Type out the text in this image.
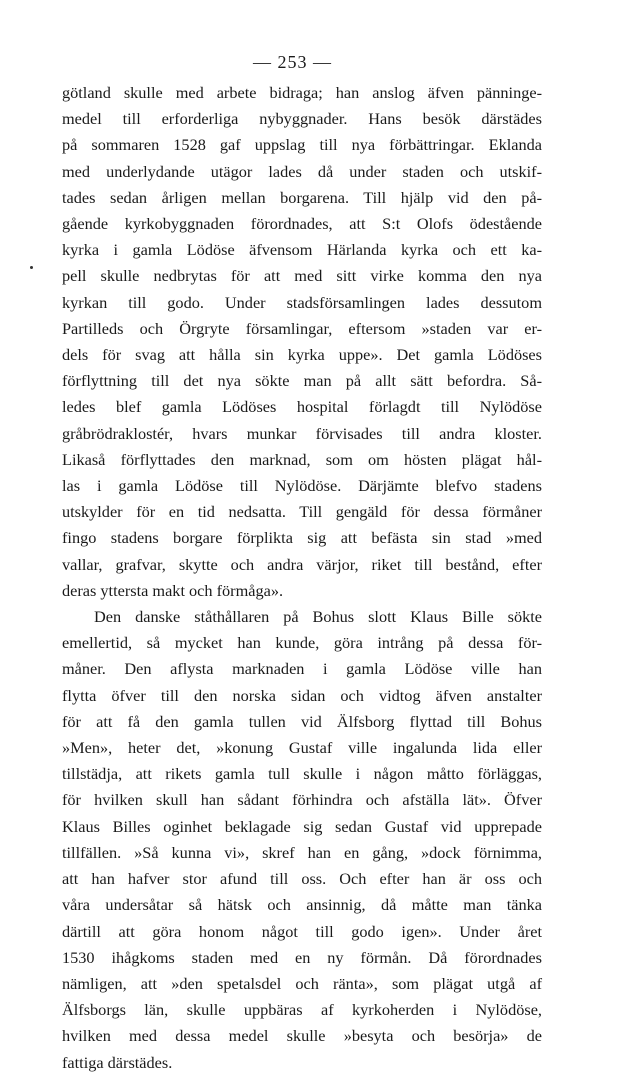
— 253 —
götland skulle med arbete bidraga; han anslog äfven pänninge-
medel till erforderliga nybyggnader. Hans besök därstädes
på sommaren 1528 gaf uppslag till nya förbättringar. Eklanda
med underlydande utägor lades då under staden och utskif-
tades sedan årligen mellan borgarena. Till hjälp vid den på-
gående kyrkobyggnaden förordnades, att S:t Olofs ödestående
kyrka i gamla Lödöse äfvensom Härlanda kyrka och ett ka-
pell skulle nedbrytas för att med sitt virke komma den nya
kyrkan till godo. Under stadsförsamlingen lades dessutom
Partilleds och Örgryte församlingar, eftersom »staden var er-
dels för svag att hålla sin kyrka uppe». Det gamla Lödöses
förflyttning till det nya sökte man på allt sätt befordra. Så-
ledes blef gamla Lödöses hospital förlagdt till Nylödöse
gråbrödraklostér, hvars munkar förvisades till andra kloster.
Likaså förflyttades den marknad, som om hösten plägat hål-
las i gamla Lödöse till Nylödöse. Därjämte blefvo stadens
utskylder för en tid nedsatta. Till gengäld för dessa förmåner
fingo stadens borgare förplikta sig att befästa sin stad »med
vallar, grafvar, skytte och andra värjor, riket till bestånd, efter
deras yttersta makt och förmåga».
Den danske ståthållaren på Bohus slott Klaus Bille sökte
emellertid, så mycket han kunde, göra intrång på dessa för-
måner. Den aflysta marknaden i gamla Lödöse ville han
flytta öfver till den norska sidan och vidtog äfven anstalter
för att få den gamla tullen vid Älfsborg flyttad till Bohus
»Men», heter det, »konung Gustaf ville ingalunda lida eller
tillstädja, att rikets gamla tull skulle i någon måtto förläggas,
för hvilken skull han sådant förhindra och afställa lät». Öfver
Klaus Billes oginhet beklagade sig sedan Gustaf vid upprepade
tillfällen. »Så kunna vi», skref han en gång, »dock förnimma,
att han hafver stor afund till oss. Och efter han är oss och
våra undersåtar så hätsk och ansinnig, då måtte man tänka
därtill att göra honom något till godo igen». Under året
1530 ihågkoms staden med en ny förmån. Då förordnades
nämligen, att »den spetalsdel och ränta», som plägat utgå af
Älfsborgs län, skulle uppbäras af kyrkoherden i Nylödöse,
hvilken med dessa medel skulle »besyta och besörja» de
fattiga därstädes.
